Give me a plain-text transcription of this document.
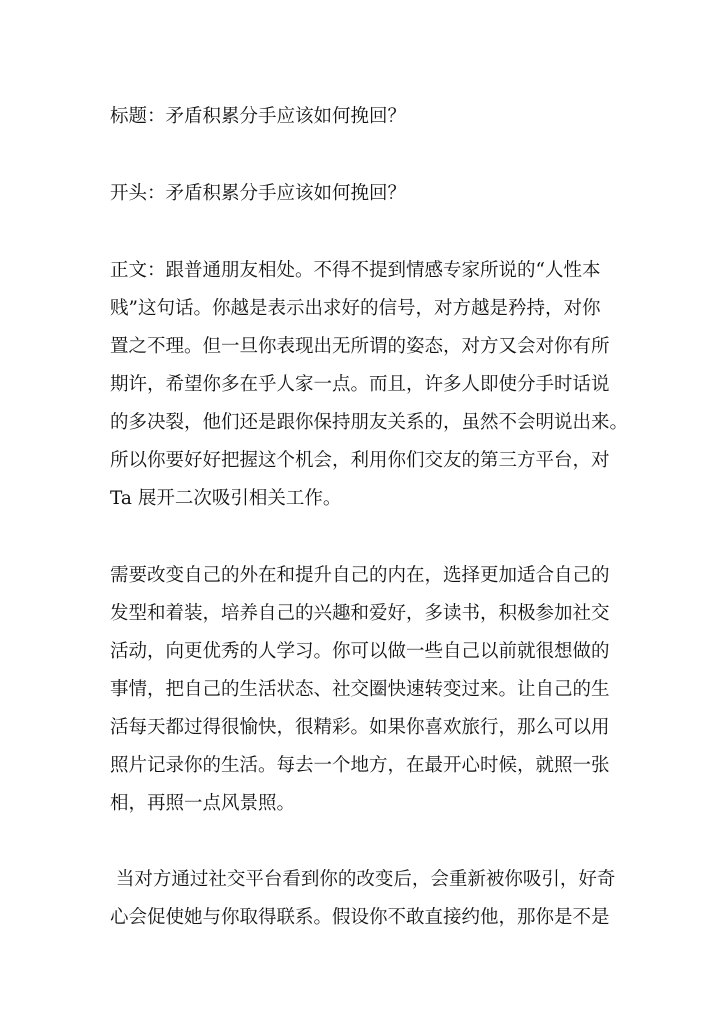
标题：矛盾积累分手应该如何挽回？
开头：矛盾积累分手应该如何挽回？
正文：跟普通朋友相处。不得不提到情感专家所说的“人性本
贱”这句话。你越是表示出求好的信号，对方越是矜持，对你
置之不理。但一旦你表现出无所谓的姿态，对方又会对你有所
期许，希望你多在乎人家一点。而且，许多人即使分手时话说
的多决裂，他们还是跟你保持朋友关系的，虽然不会明说出来。
所以你要好好把握这个机会，利用你们交友的第三方平台，对
Ta 展开二次吸引相关工作。
需要改变自己的外在和提升自己的内在，选择更加适合自己的
发型和着装，培养自己的兴趣和爱好，多读书，积极参加社交
活动，向更优秀的人学习。你可以做一些自己以前就很想做的
事情，把自己的生活状态、社交圈快速转变过来。让自己的生
活每天都过得很愉快，很精彩。如果你喜欢旅行，那么可以用
照片记录你的生活。每去一个地方，在最开心时候，就照一张
相，再照一点风景照。
当对方通过社交平台看到你的改变后，会重新被你吸引，好奇
心会促使她与你取得联系。假设你不敢直接约他，那你是不是
